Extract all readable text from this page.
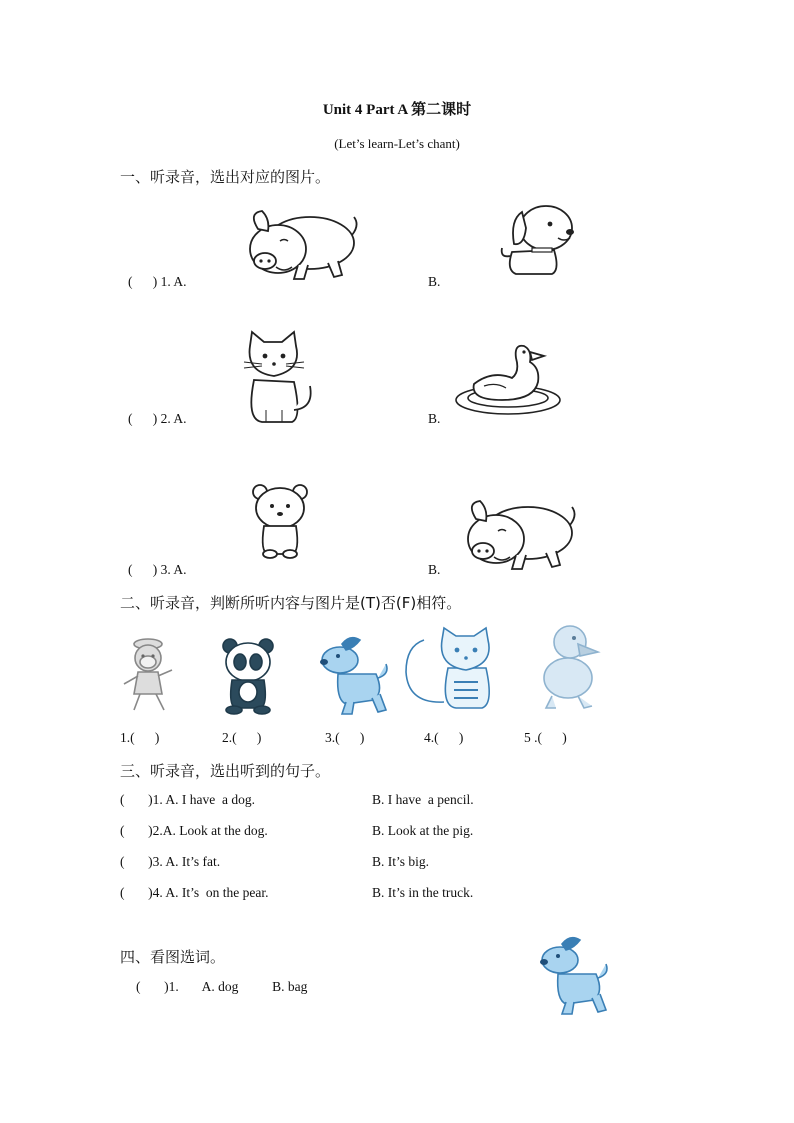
Unit 4 Part A 第二课时
(Let’s learn-Let’s chant)
一、听录音，选出对应的图片。
(      ) 1. A.	B.
(      ) 2. A.	B.
(      ) 3. A.	B.
二、听录音，判断所听内容与图片是(T)否(F)相符。
1.(      )	2.(      )	3.(      )	4.(      )	5 .(      )
三、听录音，选出听到的句子。
(       )1. A. I have  a dog.	B. I have  a pencil.
(       )2.A. Look at the dog.	B. Look at the pig.
(       )3. A. It’s fat.	B. It’s big.
(       )4. A. It’s  on the pear.	B. It’s in the truck.
四、看图选词。
(       )1.       A. dog          B. bag
